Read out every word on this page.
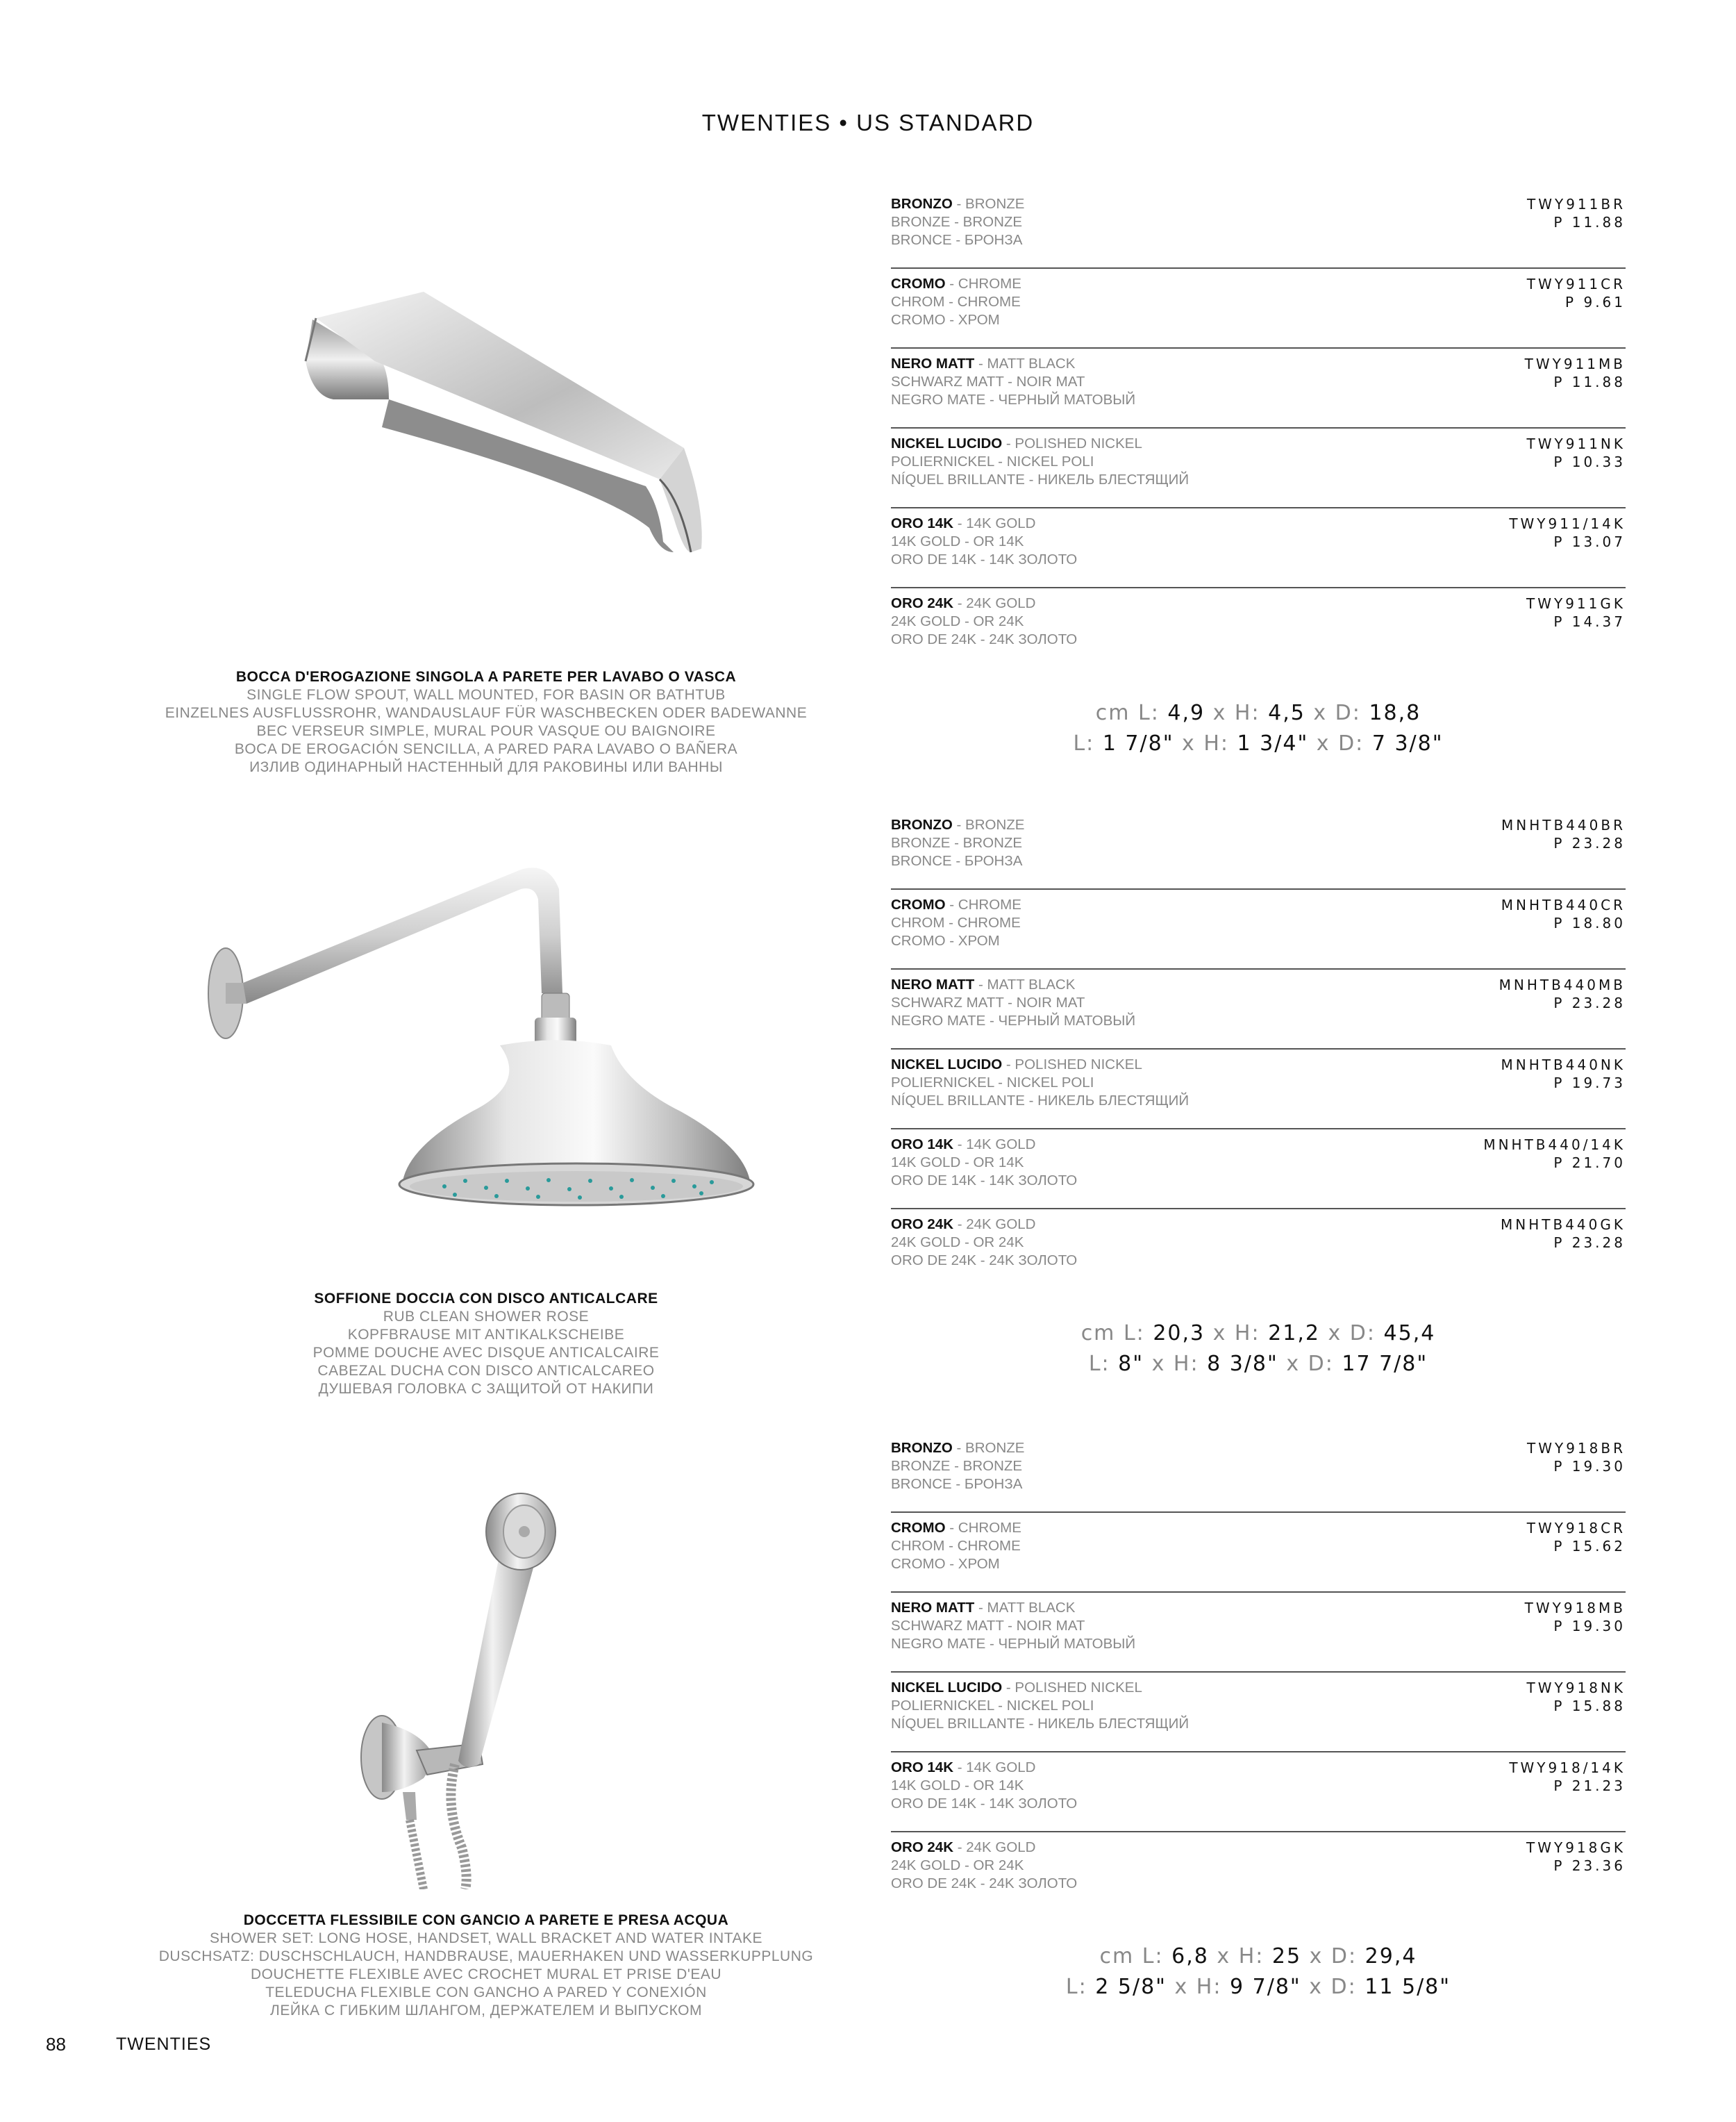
TWENTIES • US STANDARD
BOCCA D'EROGAZIONE SINGOLA A PARETE PER LAVABO O VASCA
SINGLE FLOW SPOUT, WALL MOUNTED, FOR BASIN OR BATHTUB
EINZELNES AUSFLUSSROHR, WANDAUSLAUF FÜR WASCHBECKEN ODER BADEWANNE
BEC VERSEUR SIMPLE, MURAL POUR VASQUE OU BAIGNOIRE
BOCA DE EROGACIÓN SENCILLA, A PARED PARA LAVABO O BAÑERA
ИЗЛИВ ОДИНАРНЫЙ НАСТЕННЫЙ ДЛЯ РАКОВИНЫ ИЛИ ВАННЫ
BRONZO - BRONZE
BRONZE - BRONZE
BRONCE - БРОНЗА
TWY911BR
P 11.88
CROMO - CHROME
CHROM - CHROME
CROMO - ХРОМ
TWY911CR
P 9.61
NERO MATT - MATT BLACK
SCHWARZ MATT - NOIR MAT
NEGRO MATE - ЧЕРНЫЙ МАТОВЫЙ
TWY911MB
P 11.88
NICKEL LUCIDO - POLISHED NICKEL
POLIERNICKEL - NICKEL POLI
NÍQUEL BRILLANTE - НИКЕЛЬ БЛЕСТЯЩИЙ
TWY911NK
P 10.33
ORO 14K - 14K GOLD
14K GOLD - OR 14K
ORO DE 14K - 14K ЗОЛОТО
TWY911/14K
P 13.07
ORO 24K - 24K GOLD
24K GOLD - OR 24K
ORO DE 24K - 24K ЗОЛОТО
TWY911GK
P 14.37
cm L: 4,9 x H: 4,5 x D: 18,8
L: 1 7/8" x H: 1 3/4" x D: 7 3/8"
SOFFIONE DOCCIA CON DISCO ANTICALCARE
RUB CLEAN SHOWER ROSE
KOPFBRAUSE MIT ANTIKALKSCHEIBE
POMME DOUCHE AVEC DISQUE ANTICALCAIRE
CABEZAL DUCHA CON DISCO ANTICALCAREO
ДУШЕВАЯ ГОЛОВКА С ЗАЩИТОЙ ОТ НАКИПИ
BRONZO - BRONZE
BRONZE - BRONZE
BRONCE - БРОНЗА
MNHTB440BR
P 23.28
CROMO - CHROME
CHROM - CHROME
CROMO - ХРОМ
MNHTB440CR
P 18.80
NERO MATT - MATT BLACK
SCHWARZ MATT - NOIR MAT
NEGRO MATE - ЧЕРНЫЙ МАТОВЫЙ
MNHTB440MB
P 23.28
NICKEL LUCIDO - POLISHED NICKEL
POLIERNICKEL - NICKEL POLI
NÍQUEL BRILLANTE - НИКЕЛЬ БЛЕСТЯЩИЙ
MNHTB440NK
P 19.73
ORO 14K - 14K GOLD
14K GOLD - OR 14K
ORO DE 14K - 14K ЗОЛОТО
MNHTB440/14K
P 21.70
ORO 24K - 24K GOLD
24K GOLD - OR 24K
ORO DE 24K - 24K ЗОЛОТО
MNHTB440GK
P 23.28
cm L: 20,3 x H: 21,2 x D: 45,4
L: 8" x H: 8 3/8" x D: 17 7/8"
DOCCETTA FLESSIBILE CON GANCIO A PARETE E PRESA ACQUA
SHOWER SET: LONG HOSE, HANDSET, WALL BRACKET AND WATER INTAKE
DUSCHSATZ: DUSCHSCHLAUCH, HANDBRAUSE, MAUERHAKEN UND WASSERKUPPLUNG
DOUCHETTE FLEXIBLE AVEC CROCHET MURAL ET PRISE D'EAU
TELEDUCHA FLEXIBLE CON GANCHO A PARED Y CONEXIÓN
ЛЕЙКА С ГИБКИМ ШЛАНГОМ, ДЕРЖАТЕЛЕМ И ВЫПУСКОМ
BRONZO - BRONZE
BRONZE - BRONZE
BRONCE - БРОНЗА
TWY918BR
P 19.30
CROMO - CHROME
CHROM - CHROME
CROMO - ХРОМ
TWY918CR
P 15.62
NERO MATT - MATT BLACK
SCHWARZ MATT - NOIR MAT
NEGRO MATE - ЧЕРНЫЙ МАТОВЫЙ
TWY918MB
P 19.30
NICKEL LUCIDO - POLISHED NICKEL
POLIERNICKEL - NICKEL POLI
NÍQUEL BRILLANTE - НИКЕЛЬ БЛЕСТЯЩИЙ
TWY918NK
P 15.88
ORO 14K - 14K GOLD
14K GOLD - OR 14K
ORO DE 14K - 14K ЗОЛОТО
TWY918/14K
P 21.23
ORO 24K - 24K GOLD
24K GOLD - OR 24K
ORO DE 24K - 24K ЗОЛОТО
TWY918GK
P 23.36
cm L: 6,8 x H: 25 x D: 29,4
L: 2 5/8" x H: 9 7/8" x D: 11 5/8"
88	TWENTIES
